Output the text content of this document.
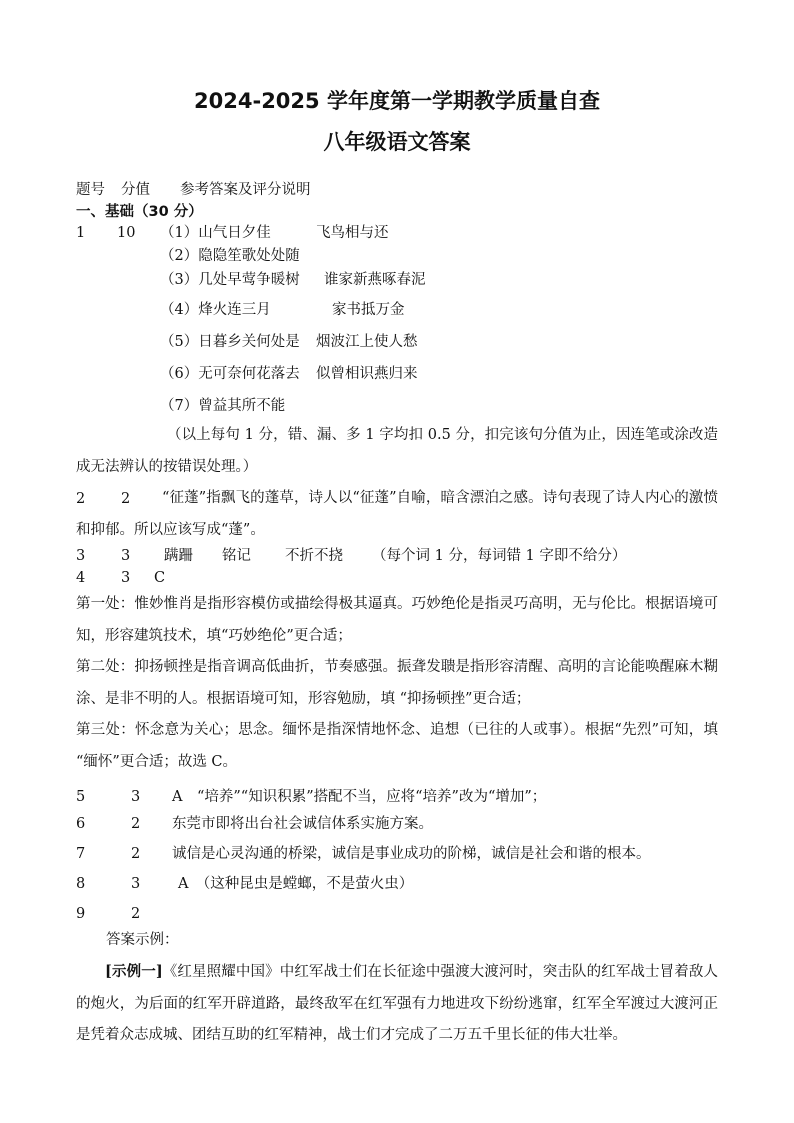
2024-2025 学年度第一学期教学质量自查
八年级语文答案
题号 分值 参考答案及评分说明
一、基础（30 分）
1 10 （1）山气日夕佳	飞鸟相与还
（2）隐隐笙歌处处随
（3）几处早莺争暖树 谁家新燕啄春泥
（4）烽火连三月	家书抵万金
（5）日暮乡关何处是 烟波江上使人愁
（6）无可奈何花落去 似曾相识燕归来
（7）曾益其所不能
（以上每句 1 分，错、漏、多 1 字均扣 0.5 分，扣完该句分值为止，因连笔或涂改造成无法辨认的按错误处理。）
2 2	“征蓬”指飘飞的蓬草，诗人以“征蓬”自喻，暗含漂泊之感。诗句表现了诗人内心的激愤和抑郁。所以应该写成“蓬”。
3 3 蹒跚 铭记 不折不挠 （每个词 1 分，每词错 1 字即不给分）
4 3 C
第一处：惟妙惟肖是指形容模仿或描绘得极其逼真。巧妙绝伦是指灵巧高明，无与伦比。根据语境可知，形容建筑技术，填“巧妙绝伦”更合适；
第二处：抑扬顿挫是指音调高低曲折，节奏感强。振聋发聩是指形容清醒、高明的言论能唤醒麻木糊涂、是非不明的人。根据语境可知，形容勉励，填 “抑扬顿挫”更合适；
第三处：怀念意为关心；思念。缅怀是指深情地怀念、追想（已往的人或事）。根据“先烈”可知，填 “缅怀”更合适；故选 C。
5	3 A　“培养”“知识积累”搭配不当，应将“培养”改为“增加”；
6	2 东莞市即将出台社会诚信体系实施方案。
7	2 诚信是心灵沟通的桥梁，诚信是事业成功的阶梯，诚信是社会和谐的根本。
8	3	A　（这种昆虫是螳螂，不是萤火虫）
9	2
答案示例：
[示例一]《红星照耀中国》中红军战士们在长征途中强渡大渡河时，突击队的红军战士冒着敌人的炮火，为后面的红军开辟道路，最终敌军在红军强有力地进攻下纷纷逃窜，红军全军渡过大渡河正是凭着众志成城、团结互助的红军精神，战士们才完成了二万五千里长征的伟大壮举。
